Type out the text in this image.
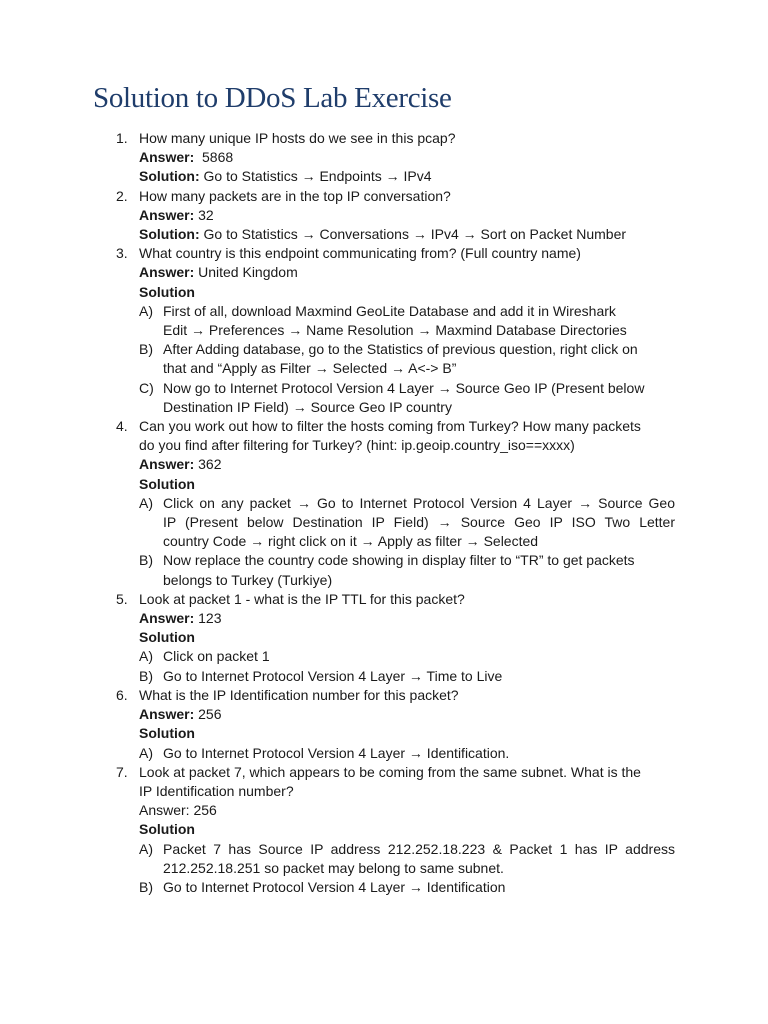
Solution to DDoS Lab Exercise
1. How many unique IP hosts do we see in this pcap?
Answer: 5868
Solution: Go to Statistics → Endpoints → IPv4
2. How many packets are in the top IP conversation?
Answer: 32
Solution: Go to Statistics → Conversations → IPv4 → Sort on Packet Number
3. What country is this endpoint communicating from? (Full country name)
Answer: United Kingdom
Solution
A) First of all, download Maxmind GeoLite Database and add it in Wireshark
Edit → Preferences → Name Resolution → Maxmind Database Directories
B) After Adding database, go to the Statistics of previous question, right click on
that and “Apply as Filter → Selected → A<-> B”
C) Now go to Internet Protocol Version 4 Layer → Source Geo IP (Present below
Destination IP Field) → Source Geo IP country
4. Can you work out how to filter the hosts coming from Turkey? How many packets
do you find after filtering for Turkey? (hint: ip.geoip.country_iso==xxxx)
Answer: 362
Solution
A) Click on any packet → Go to Internet Protocol Version 4 Layer → Source Geo
IP (Present below Destination IP Field) → Source Geo IP ISO Two Letter
country Code → right click on it → Apply as filter → Selected
B) Now replace the country code showing in display filter to “TR” to get packets
belongs to Turkey (Turkiye)
5. Look at packet 1 - what is the IP TTL for this packet?
Answer: 123
Solution
A) Click on packet 1
B) Go to Internet Protocol Version 4 Layer → Time to Live
6. What is the IP Identification number for this packet?
Answer: 256
Solution
A) Go to Internet Protocol Version 4 Layer → Identification.
7. Look at packet 7, which appears to be coming from the same subnet. What is the
IP Identification number?
Answer: 256
Solution
A) Packet 7 has Source IP address 212.252.18.223 & Packet 1 has IP address
212.252.18.251 so packet may belong to same subnet.
B) Go to Internet Protocol Version 4 Layer → Identification
